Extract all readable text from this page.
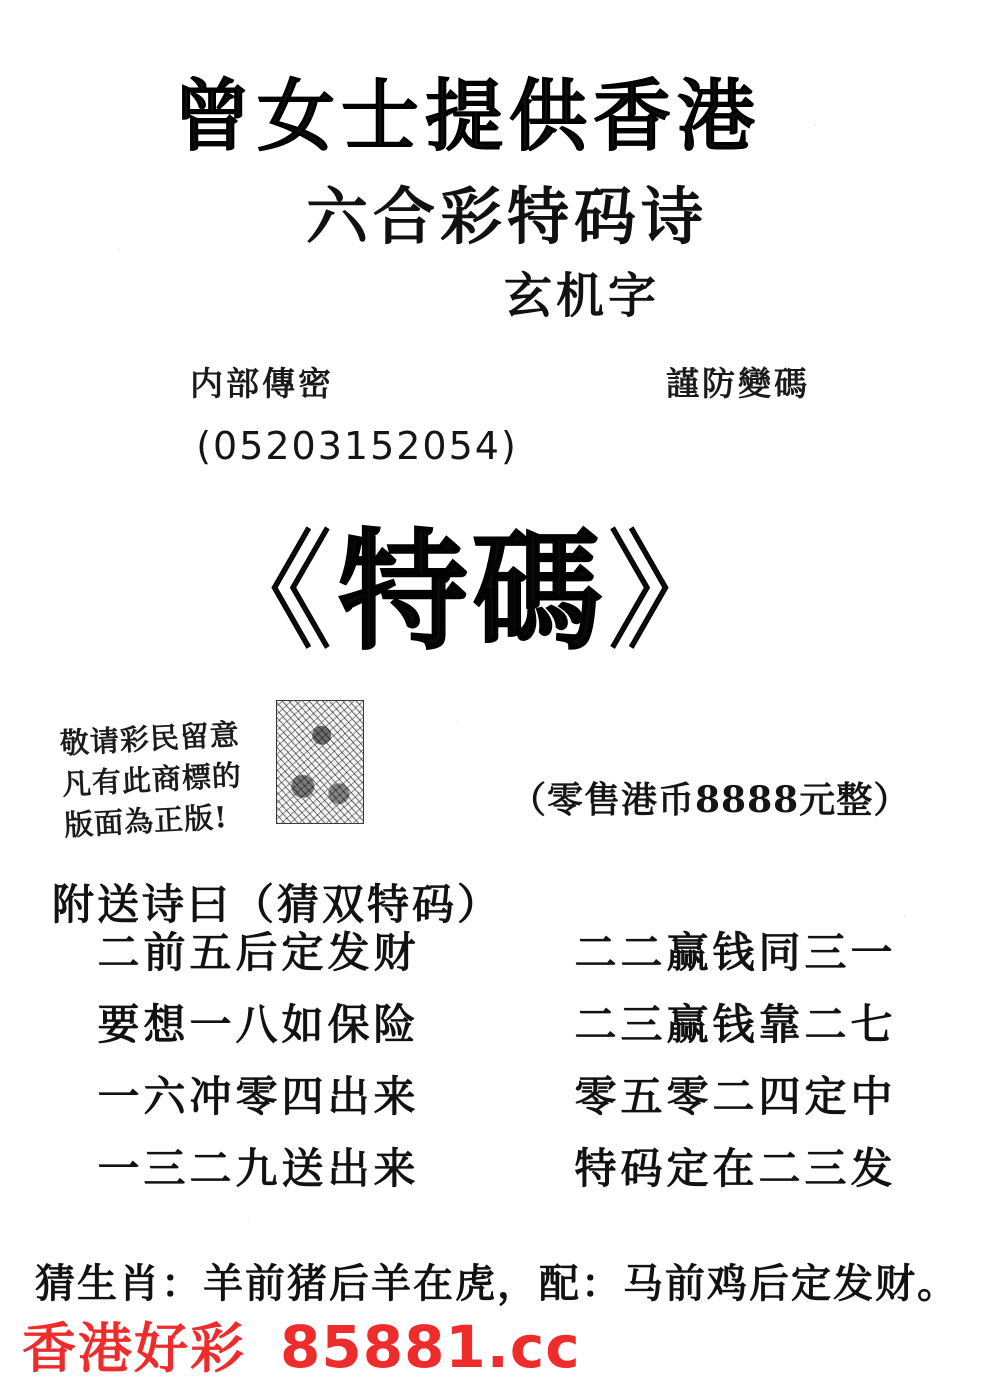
曾女士提供香港
六合彩特码诗
玄机字
内部傳密	謹防變碼
(05203152054)
《特碼》
敬请彩民留意
凡有此商標的
版面為正版!
（零售港币8888元整）
附送诗曰（猜双特码）
二前五后定发财
要想一八如保险
一六冲零四出来
一三二九送出来
二二赢钱同三一
二三赢钱靠二七
零五零二四定中
特码定在二三发
猜生肖：羊前猪后羊在虎，配：马前鸡后定发财。
香港好彩 85881.cc
